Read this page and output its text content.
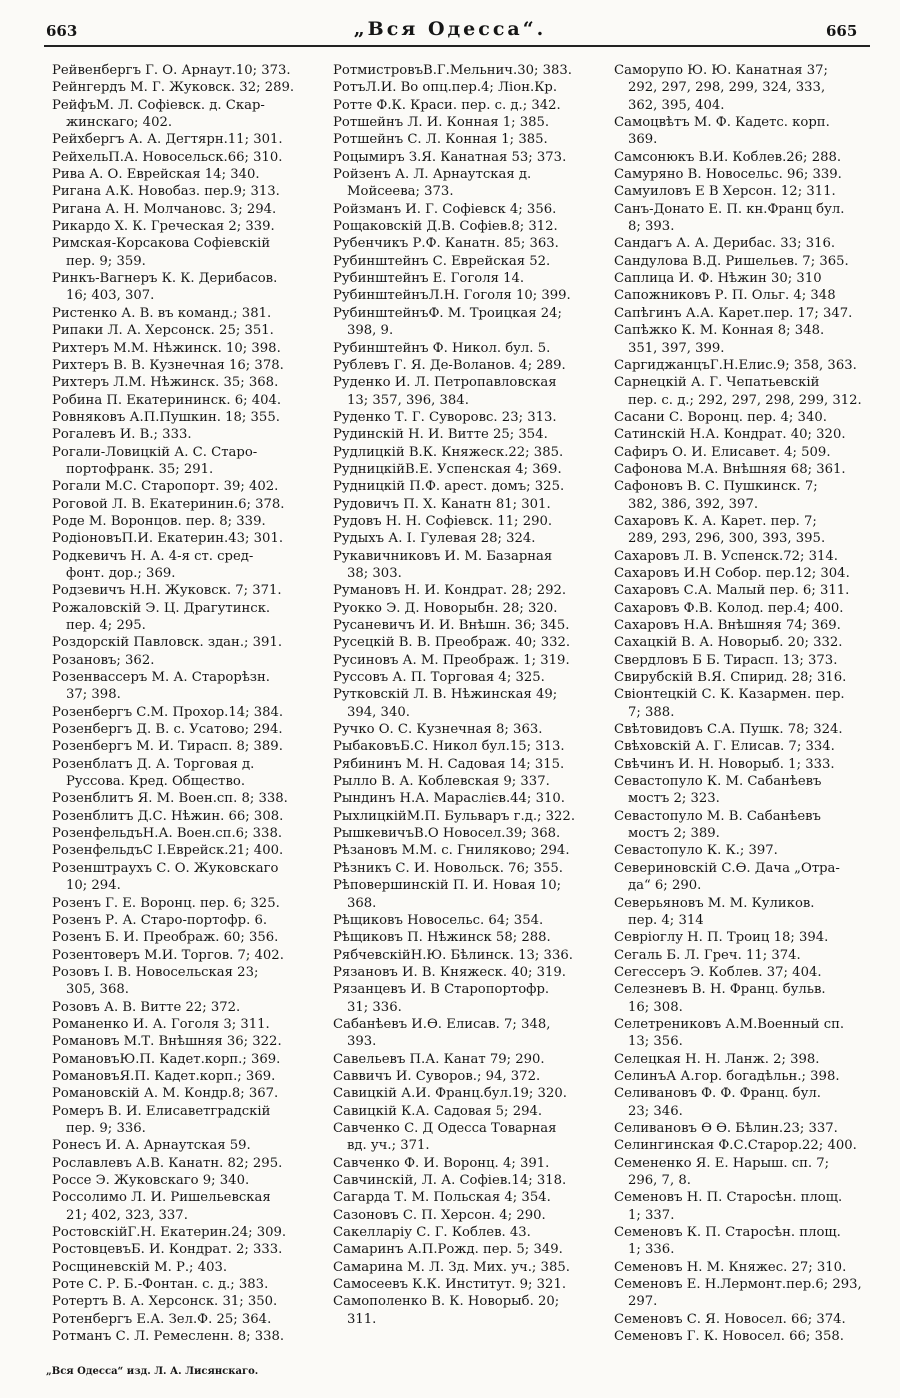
663	„Вся Одесса“.	665
Рейвенбергъ Г. О. Арнаут.10; 373.
Рейнгердъ М. Г. Жуковск. 32; 289.
РейфъМ. Л. Софіевск. д. Скар-
жинскаго; 402.
Рейхбергъ А. А. Дегтярн.11; 301.
РейхельП.А. Новосельск.66; 310.
Рива А. О. Еврейская 14; 340.
Ригана А.К. Новобаз. пер.9; 313.
Ригана А. Н. Молчановс. 3; 294.
Рикардо Х. К. Греческая 2; 339.
Римская-Корсакова Софіевскій
пер. 9; 359.
Ринкъ-Вагнеръ К. К. Дерибасов.
16; 403, 307.
Ристенко А. В. въ команд.; 381.
Рипаки Л. А. Херсонск. 25; 351.
Рихтеръ М.М. Нѣжинск. 10; 398.
Рихтеръ В. В. Кузнечная 16; 378.
Рихтеръ Л.М. Нѣжинск. 35; 368.
Робина П. Екатерининск. 6; 404.
Ровняковъ А.П.Пушкин. 18; 355.
Рогалевъ И. В.; 333.
Рогали-Ловицкій А. С. Старо-
портофранк. 35; 291.
Рогали М.С. Старопорт. 39; 402.
Роговой Л. В. Екатеринин.6; 378.
Роде М. Воронцов. пер. 8; 339.
РодіоновъП.И. Екатерин.43; 301.
Родкевичъ Н. А. 4-я ст. сред-
фонт. дор.; 369.
Родзевичъ Н.Н. Жуковск. 7; 371.
Рожаловскій Э. Ц. Драгутинск.
пер. 4; 295.
Роздорскій Павловск. здан.; 391.
Розановъ; 362.
Розенвассеръ М. А. Старорѣзн.
37; 398.
Розенбергъ С.М. Прохор.14; 384.
Розенбергъ Д. В. с. Усатово; 294.
Розенбергъ М. И. Тирасп. 8; 389.
Розенблатъ Д. А. Торговая д.
Руссова. Кред. Общество.
Розенблитъ Я. М. Воен.сп. 8; 338.
Розенблитъ Д.С. Нѣжин. 66; 308.
РозенфельдъН.А. Воен.сп.6; 338.
РозенфельдъС І.Еврейск.21; 400.
Розенштраухъ С. О. Жуковскаго
10; 294.
Розенъ Г. Е. Воронц. пер. 6; 325.
Розенъ Р. А. Старо-портофр. 6.
Розенъ Б. И. Преображ. 60; 356.
Розентоверъ М.И. Торгов. 7; 402.
Розовъ І. В. Новосельская 23;
305, 368.
Розовъ А. В. Витте 22; 372.
Романенко И. А. Гоголя 3; 311.
Романовъ М.Т. Внѣшняя 36; 322.
РомановъЮ.П. Кадет.корп.; 369.
РомановъЯ.П. Кадет.корп.; 369.
Романовскій А. М. Кондр.8; 367.
Ромеръ В. И. Елисаветградскій
пер. 9; 336.
Ронесъ И. А. Арнаутская 59.
Рославлевъ А.В. Канатн. 82; 295.
Россе Э. Жуковскаго 9; 340.
Россолимо Л. И. Ришельевская
21; 402, 323, 337.
РостовскійГ.Н. Екатерин.24; 309.
РостовцевъБ. И. Кондрат. 2; 333.
Росщиневскій М. Р.; 403.
Роте С. Р. Б.-Фонтан. с. д.; 383.
Ротертъ В. А. Херсонск. 31; 350.
Ротенбергъ Е.А. Зел.Ф. 25; 364.
Ротманъ С. Л. Ремесленн. 8; 338.
РотмистровъВ.Г.Мельнич.30; 383.
РотъЛ.И. Во опц.пер.4; Ліон.Кр.
Ротте Ф.К. Краси. пер. с. д.; 342.
Ротшейнъ Л. И. Конная 1; 385.
Ротшейнъ С. Л. Конная 1; 385.
Роцымиръ З.Я. Канатная 53; 373.
Ройзенъ А. Л. Арнаутская д.
Мойсеева; 373.
Ройзманъ И. Г. Софіевск 4; 356.
Рощаковскій Д.В. Софіев.8; 312.
Рубенчикъ Р.Ф. Канатн. 85; 363.
Рубинштейнъ С. Еврейская 52.
Рубинштейнъ Е. Гоголя 14.
РубинштейнъЛ.Н. Гоголя 10; 399.
РубинштейнъФ. М. Троицкая 24;
398, 9.
Рубинштейнъ Ф. Никол. бул. 5.
Рублевъ Г. Я. Де-Воланов. 4; 289.
Руденко И. Л. Петропавловская
13; 357, 396, 384.
Руденко Т. Г. Суворовс. 23; 313.
Рудинскій Н. И. Витте 25; 354.
Рудлицкій В.К. Княжеск.22; 385.
РудницкійВ.Е. Успенская 4; 369.
Рудницкій П.Ф. арест. домъ; 325.
Рудовичъ П. Х. Канатн 81; 301.
Рудовъ Н. Н. Софіевск. 11; 290.
Рудыхъ А. І. Гулевая 28; 324.
Рукавичниковъ И. М. Базарная
38; 303.
Румановъ Н. И. Кондрат. 28; 292.
Руокко Э. Д. Новорыбн. 28; 320.
Русаневичъ И. И. Внѣшн. 36; 345.
Русецкій В. В. Преображ. 40; 332.
Русиновъ А. М. Преображ. 1; 319.
Руссовъ А. П. Торговая 4; 325.
Рутковскій Л. В. Нѣжинская 49;
394, 340.
Ручко О. С. Кузнечная 8; 363.
РыбаковъБ.С. Никол бул.15; 313.
Рябининъ М. Н. Садовая 14; 315.
Рылло В. А. Коблевская 9; 337.
Рындинъ Н.А. Мараслієв.44; 310.
РыхлицкійМ.П. Бульваръ г.д.; 322.
РышкевичъВ.О Новосел.39; 368.
Рѣзановъ М.М. с. Гниляково; 294.
Рѣзникъ С. И. Новольск. 76; 355.
Рѣповершинскій П. И. Новая 10;
368.
Рѣщиковъ Новосельс. 64; 354.
Рѣщиковъ П. Нѣжинск 58; 288.
РябчевскійН.Ю. Бѣлинск. 13; 336.
Рязановъ И. В. Княжеск. 40; 319.
Рязанцевъ И. В Старопортофр.
31; 336.
Сабанѣевъ И.Ѳ. Елисав. 7; 348,
393.
Савельевъ П.А. Канат 79; 290.
Саввичъ И. Суворов.; 94, 372.
Савицкій А.И. Франц.бул.19; 320.
Савицкій К.А. Садовая 5; 294.
Савченко С. Д Одесса Товарная
вд. уч.; 371.
Савченко Ф. И. Воронц. 4; 391.
Савчинскій, Л. А. Софіев.14; 318.
Сагарда Т. М. Польская 4; 354.
Сазоновъ С. П. Херсон. 4; 290.
Сакелларіу С. Г. Коблев. 43.
Самаринъ А.П.Рожд. пер. 5; 349.
Самарина М. Л. Зд. Мих. уч.; 385.
Самосеевъ К.К. Институт. 9; 321.
Самополенко В. К. Новорыб. 20;
311.
Саморупо Ю. Ю. Канатная 37;
292, 297, 298, 299, 324, 333,
362, 395, 404.
Самоцвѣтъ М. Ф. Кадетс. корп.
369.
Самсонюкъ В.И. Коблев.26; 288.
Самуряно В. Новосельс. 96; 339.
Самуиловъ Е В Херсон. 12; 311.
Санъ-Донато Е. П. кн.Франц бул.
8; 393.
Сандагъ А. А. Дерибас. 33; 316.
Сандулова В.Д. Ришельев. 7; 365.
Саплица И. Ф. Нѣжин 30; 310
Сапожниковъ Р. П. Ольг. 4; 348
Сапѣгинъ А.А. Карет.пер. 17; 347.
Сапѣжко К. М. Конная 8; 348.
351, 397, 399.
СаргиджанцъГ.Н.Елис.9; 358, 363.
Сарнецкій А. Г. Чепатьевскій
пер. с. д.; 292, 297, 298, 299, 312.
Сасани С. Воронц. пер. 4; 340.
Сатинскій Н.А. Кондрат. 40; 320.
Сафиръ О. И. Елисавет. 4; 509.
Сафонова М.А. Внѣшняя 68; 361.
Сафоновъ В. С. Пушкинск. 7;
382, 386, 392, 397.
Сахаровъ К. А. Карет. пер. 7;
289, 293, 296, 300, 393, 395.
Сахаровъ Л. В. Успенск.72; 314.
Сахаровъ И.Н Собор. пер.12; 304.
Сахаровъ С.А. Малый пер. 6; 311.
Сахаровъ Ф.В. Колод. пер.4; 400.
Сахаровъ Н.А. Внѣшняя 74; 369.
Сахацкій В. А. Новорыб. 20; 332.
Свердловъ Б Б. Тирасп. 13; 373.
Свирубскій В.Я. Спирид. 28; 316.
Свіонтецкій С. К. Казармен. пер.
7; 388.
Свѣтовидовъ С.А. Пушк. 78; 324.
Свѣховскій А. Г. Елисав. 7; 334.
Свѣчинъ И. Н. Новорыб. 1; 333.
Севастопуло К. М. Сабанѣевъ
мостъ 2; 323.
Севастопуло М. В. Сабанѣевъ
мостъ 2; 389.
Севастопуло К. К.; 397.
Севериновскій С.Ѳ. Дача „Отра-
да“ 6; 290.
Северьяновъ М. М. Куликов.
пер. 4; 314
Севріоглу Н. П. Троиц 18; 394.
Сегаль Б. Л. Греч. 11; 374.
Сегессеръ Э. Коблев. 37; 404.
Селезневъ В. Н. Франц. бульв.
16; 308.
Селетрениковъ А.М.Военный сп.
13; 356.
Селецкая Н. Н. Ланж. 2; 398.
СелинъА А.гор. богадѣльн.; 398.
Селивановъ Ф. Ф. Франц. бул.
23; 346.
Селивановъ Ѳ Ѳ. Бѣлин.23; 337.
Селингинская Ф.С.Старор.22; 400.
Семененко Я. Е. Нарыш. сп. 7;
296, 7, 8.
Семеновъ Н. П. Старосѣн. площ.
1; 337.
Семеновъ К. П. Старосѣн. площ.
1; 336.
Семеновъ Н. М. Княжес. 27; 310.
Семеновъ Е. Н.Лермонт.пер.6; 293,
297.
Семеновъ С. Я. Новосел. 66; 374.
Семеновъ Г. К. Новосел. 66; 358.
„Вся Одесса“ изд. Л. А. Лисянскаго.
